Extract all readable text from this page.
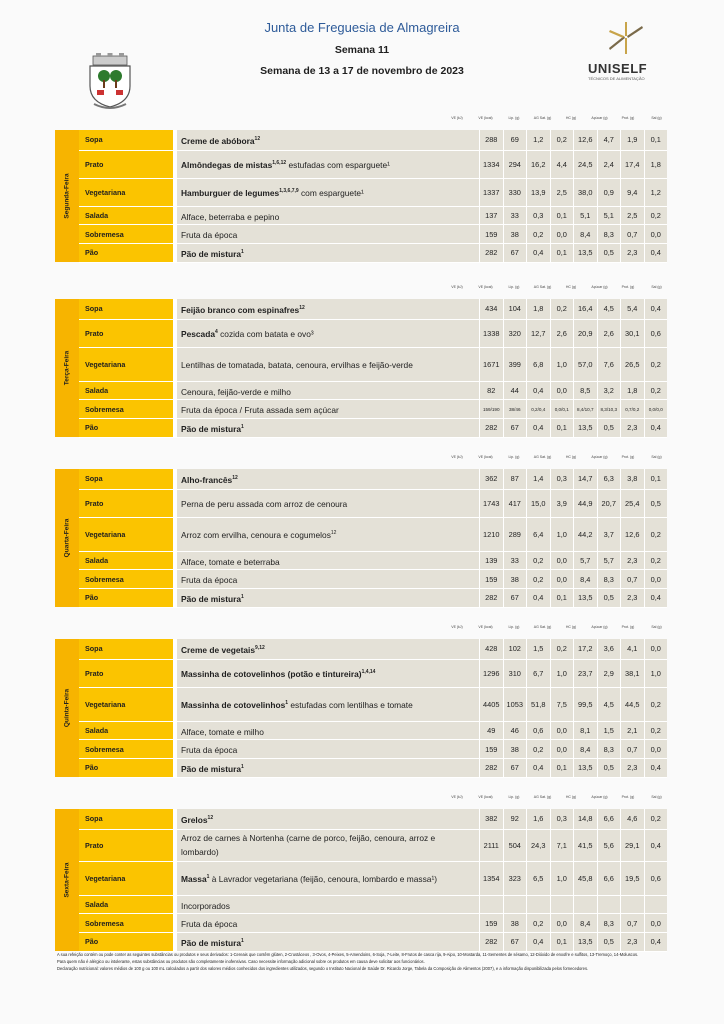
Junta de Freguesia de Almagreira
Semana 11
Semana de 13 a 17 de novembro de 2023	UNISELF
TÉCNICOS DE ALIMENTAÇÃO
VE (kJ)	VE (kcal)	Lip. (g)	AG Sat. (g)	HC (g)	Açúcar (g)	Prot. (g)	Sal (g)
Segunda-Feira	Sopa		Creme de abóbora$^{12}$	288	69	1,2	0,2	12,6	4,7	1,9	0,1
	Prato		Almôndegas de mistas$^{1,6,12}$ estufadas com esparguete¹	1334	294	16,2	4,4	24,5	2,4	17,4	1,8
	Vegetariana		Hamburguer de legumes$^{1,3,6,7,9}$ com esparguete¹	1337	330	13,9	2,5	38,0	0,9	9,4	1,2
	Salada		Alface, beterraba e pepino	137	33	0,3	0,1	5,1	5,1	2,5	0,2
	Sobremesa		Fruta da época	159	38	0,2	0,0	8,4	8,3	0,7	0,0
	Pão		Pão de mistura$^1$	282	67	0,4	0,1	13,5	0,5	2,3	0,4
VE (kJ)	VE (kcal)	Lip. (g)	AG Sat. (g)	HC (g)	Açúcar (g)	Prot. (g)	Sal (g)
Terça-Feira	Sopa		Feijão branco com espinafres$^{12}$	434	104	1,8	0,2	16,4	4,5	5,4	0,4
	Prato		Pescada$^4$ cozida com batata e ovo³	1338	320	12,7	2,6	20,9	2,6	30,1	0,6
	Vegetariana		Lentilhas de tomatada, batata, cenoura, ervilhas e feijão-verde	1671	399	6,8	1,0	57,0	7,6	26,5	0,2
	Salada		Cenoura, feijão-verde e milho	82	44	0,4	0,0	8,5	3,2	1,8	0,2
	Sobremesa		Fruta da época / Fruta assada sem açúcar	159/190	38/46	0,2/0,4	0,0/0,1	8,4/10,7	8,3/10,3	0,7/0,2	0,0/0,0
	Pão		Pão de mistura$^1$	282	67	0,4	0,1	13,5	0,5	2,3	0,4
VE (kJ)	VE (kcal)	Lip. (g)	AG Sat. (g)	HC (g)	Açúcar (g)	Prot. (g)	Sal (g)
Quarta-Feira	Sopa		Alho-francês$^{12}$	362	87	1,4	0,3	14,7	6,3	3,8	0,1
	Prato		Perna de peru assada com arroz de cenoura	1743	417	15,0	3,9	44,9	20,7	25,4	0,5
	Vegetariana		Arroz com ervilha, cenoura e cogumelos$^{12}$	1210	289	6,4	1,0	44,2	3,7	12,6	0,2
	Salada		Alface, tomate e beterraba	139	33	0,2	0,0	5,7	5,7	2,3	0,2
	Sobremesa		Fruta da época	159	38	0,2	0,0	8,4	8,3	0,7	0,0
	Pão		Pão de mistura$^1$	282	67	0,4	0,1	13,5	0,5	2,3	0,4
VE (kJ)	VE (kcal)	Lip. (g)	AG Sat. (g)	HC (g)	Açúcar (g)	Prot. (g)	Sal (g)
Quinta-Feira	Sopa		Creme de vegetais$^{9,12}$	428	102	1,5	0,2	17,2	3,6	4,1	0,0
	Prato		Massinha de cotovelinhos (potão e tintureira)$^{1,4,14}$	1296	310	6,7	1,0	23,7	2,9	38,1	1,0
	Vegetariana		Massinha de cotovelinhos$^1$ estufadas com lentilhas e tomate	4405	1053	51,8	7,5	99,5	4,5	44,5	0,2
	Salada		Alface, tomate e milho	49	46	0,6	0,0	8,1	1,5	2,1	0,2
	Sobremesa		Fruta da época	159	38	0,2	0,0	8,4	8,3	0,7	0,0
	Pão		Pão de mistura$^1$	282	67	0,4	0,1	13,5	0,5	2,3	0,4
VE (kJ)	VE (kcal)	Lip. (g)	AG Sat. (g)	HC (g)	Açúcar (g)	Prot. (g)	Sal (g)
Sexta-Feira	Sopa		Grelos$^{12}$	382	92	1,6	0,3	14,8	6,6	4,6	0,2
	Prato		Arroz de carnes à Nortenha (carne de porco, feijão, cenoura, arroz e lombardo)	2111	504	24,3	7,1	41,5	5,6	29,1	0,4
	Vegetariana		Massa$^1$ à Lavrador vegetariana (feijão, cenoura, lombardo e massa¹)	1354	323	6,5	1,0	45,8	6,6	19,5	0,6
	Salada		Incorporados								
	Sobremesa		Fruta da época	159	38	0,2	0,0	8,4	8,3	0,7	0,0
	Pão		Pão de mistura$^1$	282	67	0,4	0,1	13,5	0,5	2,3	0,4
A sua refeição contém ou pode conter as seguintes substâncias ou produtos e seus derivados: 1-Cereais que contêm glúten, 2-Crustáceos , 3-Ovos, 4-Peixes, 5-Amendoins, 6-Soja, 7-Leite, 8-Frutos de casca rija, 9-Aipo, 10-Mostarda, 11-Sementes de sésamo, 12-Dióxido de enxofre e sulfitos, 13-Tremoço, 14-Moluscos.
Para quem não é alérgico ou intolerante, estas substâncias ou produtos são completamente inofensivas. Caso necessite informação adicional sobre os produtos em causa deve solicitar aos funcionários.
Declaração nutricional: valores médios de 100 g ou 100 mL calculados a partir dos valores médios conhecidos dos ingredientes utilizados, segundo o Instituto Nacional de Saúde Dr. Ricardo Jorge, Tabela da Composição de Alimentos (2007), e a informação disponibilizada pelos fornecedores.
